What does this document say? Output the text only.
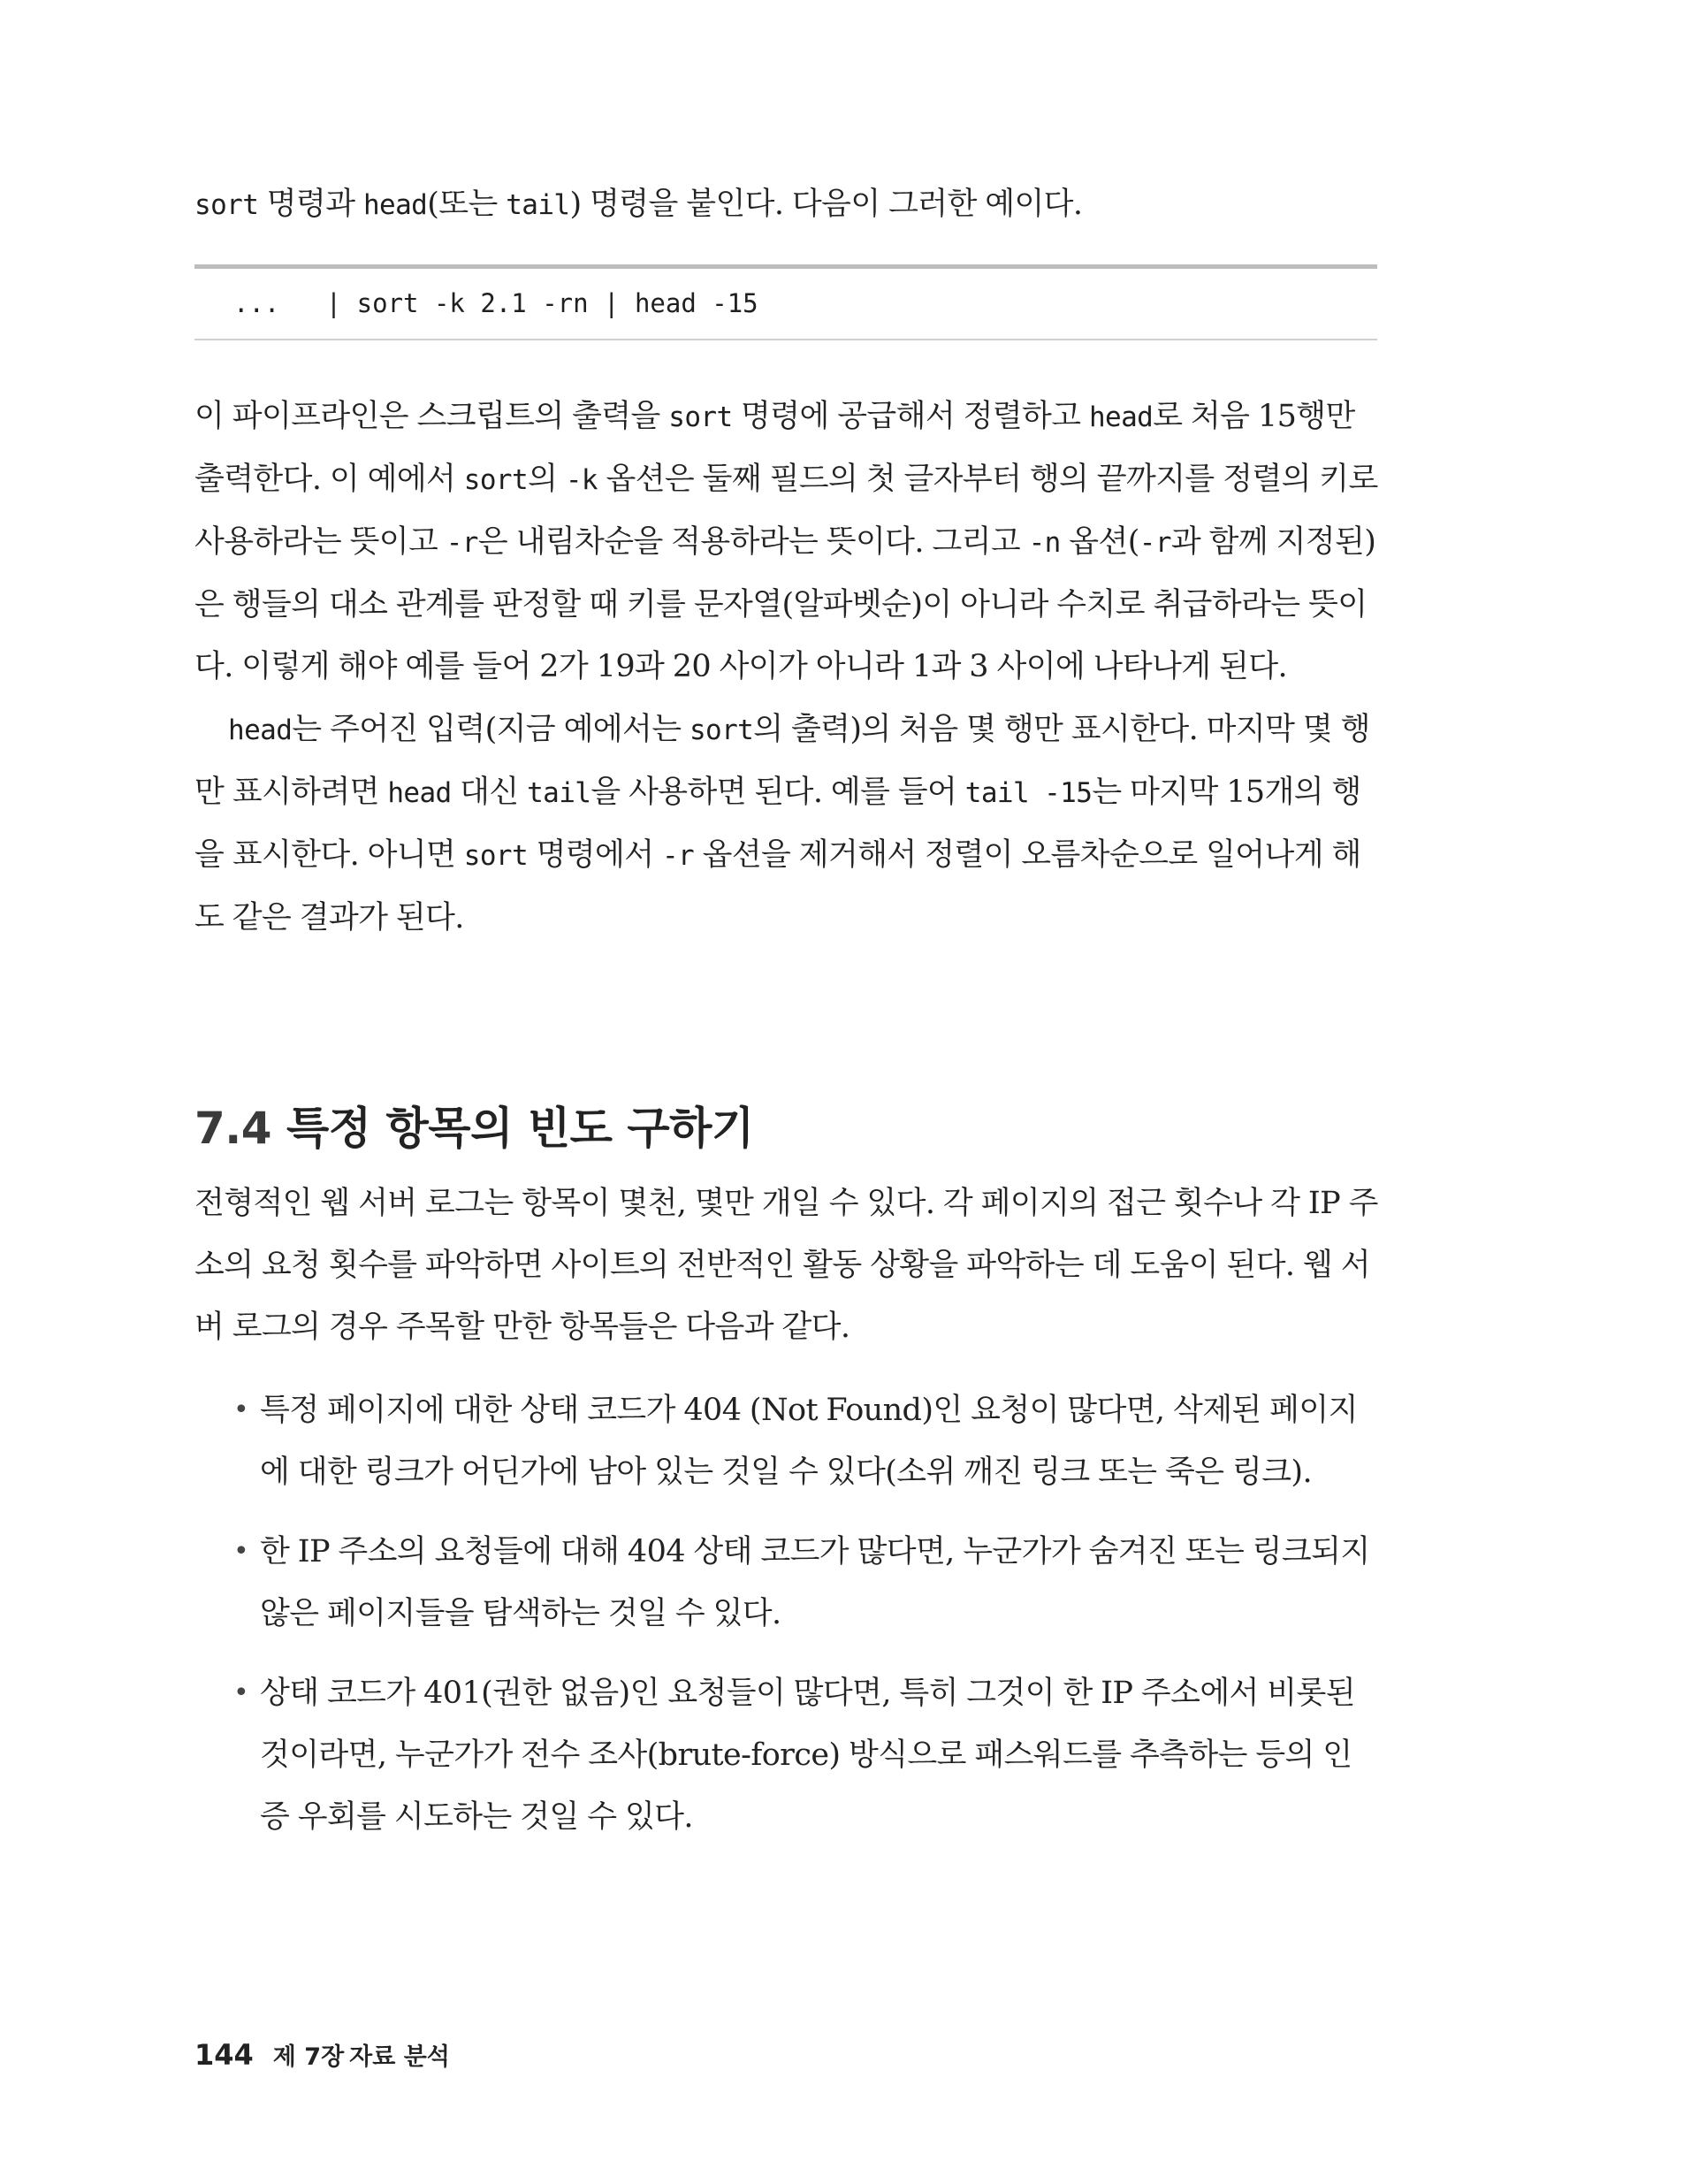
sort 명령과 head(또는 tail) 명령을 붙인다. 다음이 그러한 예이다.

...   | sort -k 2.1 -rn | head -15

이 파이프라인은 스크립트의 출력을 sort 명령에 공급해서 정렬하고 head로 처음 15행만 출력한다. 이 예에서 sort의 -k 옵션은 둘째 필드의 첫 글자부터 행의 끝까지를 정렬의 키로 사용하라는 뜻이고 -r은 내림차순을 적용하라는 뜻이다. 그리고 -n 옵션(-r과 함께 지정된)은 행들의 대소 관계를 판정할 때 키를 문자열(알파벳순)이 아니라 수치로 취급하라는 뜻이다. 이렇게 해야 예를 들어 2가 19과 20 사이가 아니라 1과 3 사이에 나타나게 된다.

head는 주어진 입력(지금 예에서는 sort의 출력)의 처음 몇 행만 표시한다. 마지막 몇 행만 표시하려면 head 대신 tail을 사용하면 된다. 예를 들어 tail -15는 마지막 15개의 행을 표시한다. 아니면 sort 명령에서 -r 옵션을 제거해서 정렬이 오름차순으로 일어나게 해도 같은 결과가 된다.

7.4 특정 항목의 빈도 구하기

전형적인 웹 서버 로그는 항목이 몇천, 몇만 개일 수 있다. 각 페이지의 접근 횟수나 각 IP 주소의 요청 횟수를 파악하면 사이트의 전반적인 활동 상황을 파악하는 데 도움이 된다. 웹 서버 로그의 경우 주목할 만한 항목들은 다음과 같다.

• 특정 페이지에 대한 상태 코드가 404 (Not Found)인 요청이 많다면, 삭제된 페이지에 대한 링크가 어딘가에 남아 있는 것일 수 있다(소위 깨진 링크 또는 죽은 링크).
• 한 IP 주소의 요청들에 대해 404 상태 코드가 많다면, 누군가가 숨겨진 또는 링크되지 않은 페이지들을 탐색하는 것일 수 있다.
• 상태 코드가 401(권한 없음)인 요청들이 많다면, 특히 그것이 한 IP 주소에서 비롯된 것이라면, 누군가가 전수 조사(brute-force) 방식으로 패스워드를 추측하는 등의 인증 우회를 시도하는 것일 수 있다.
144 제 7장 자료 분석
